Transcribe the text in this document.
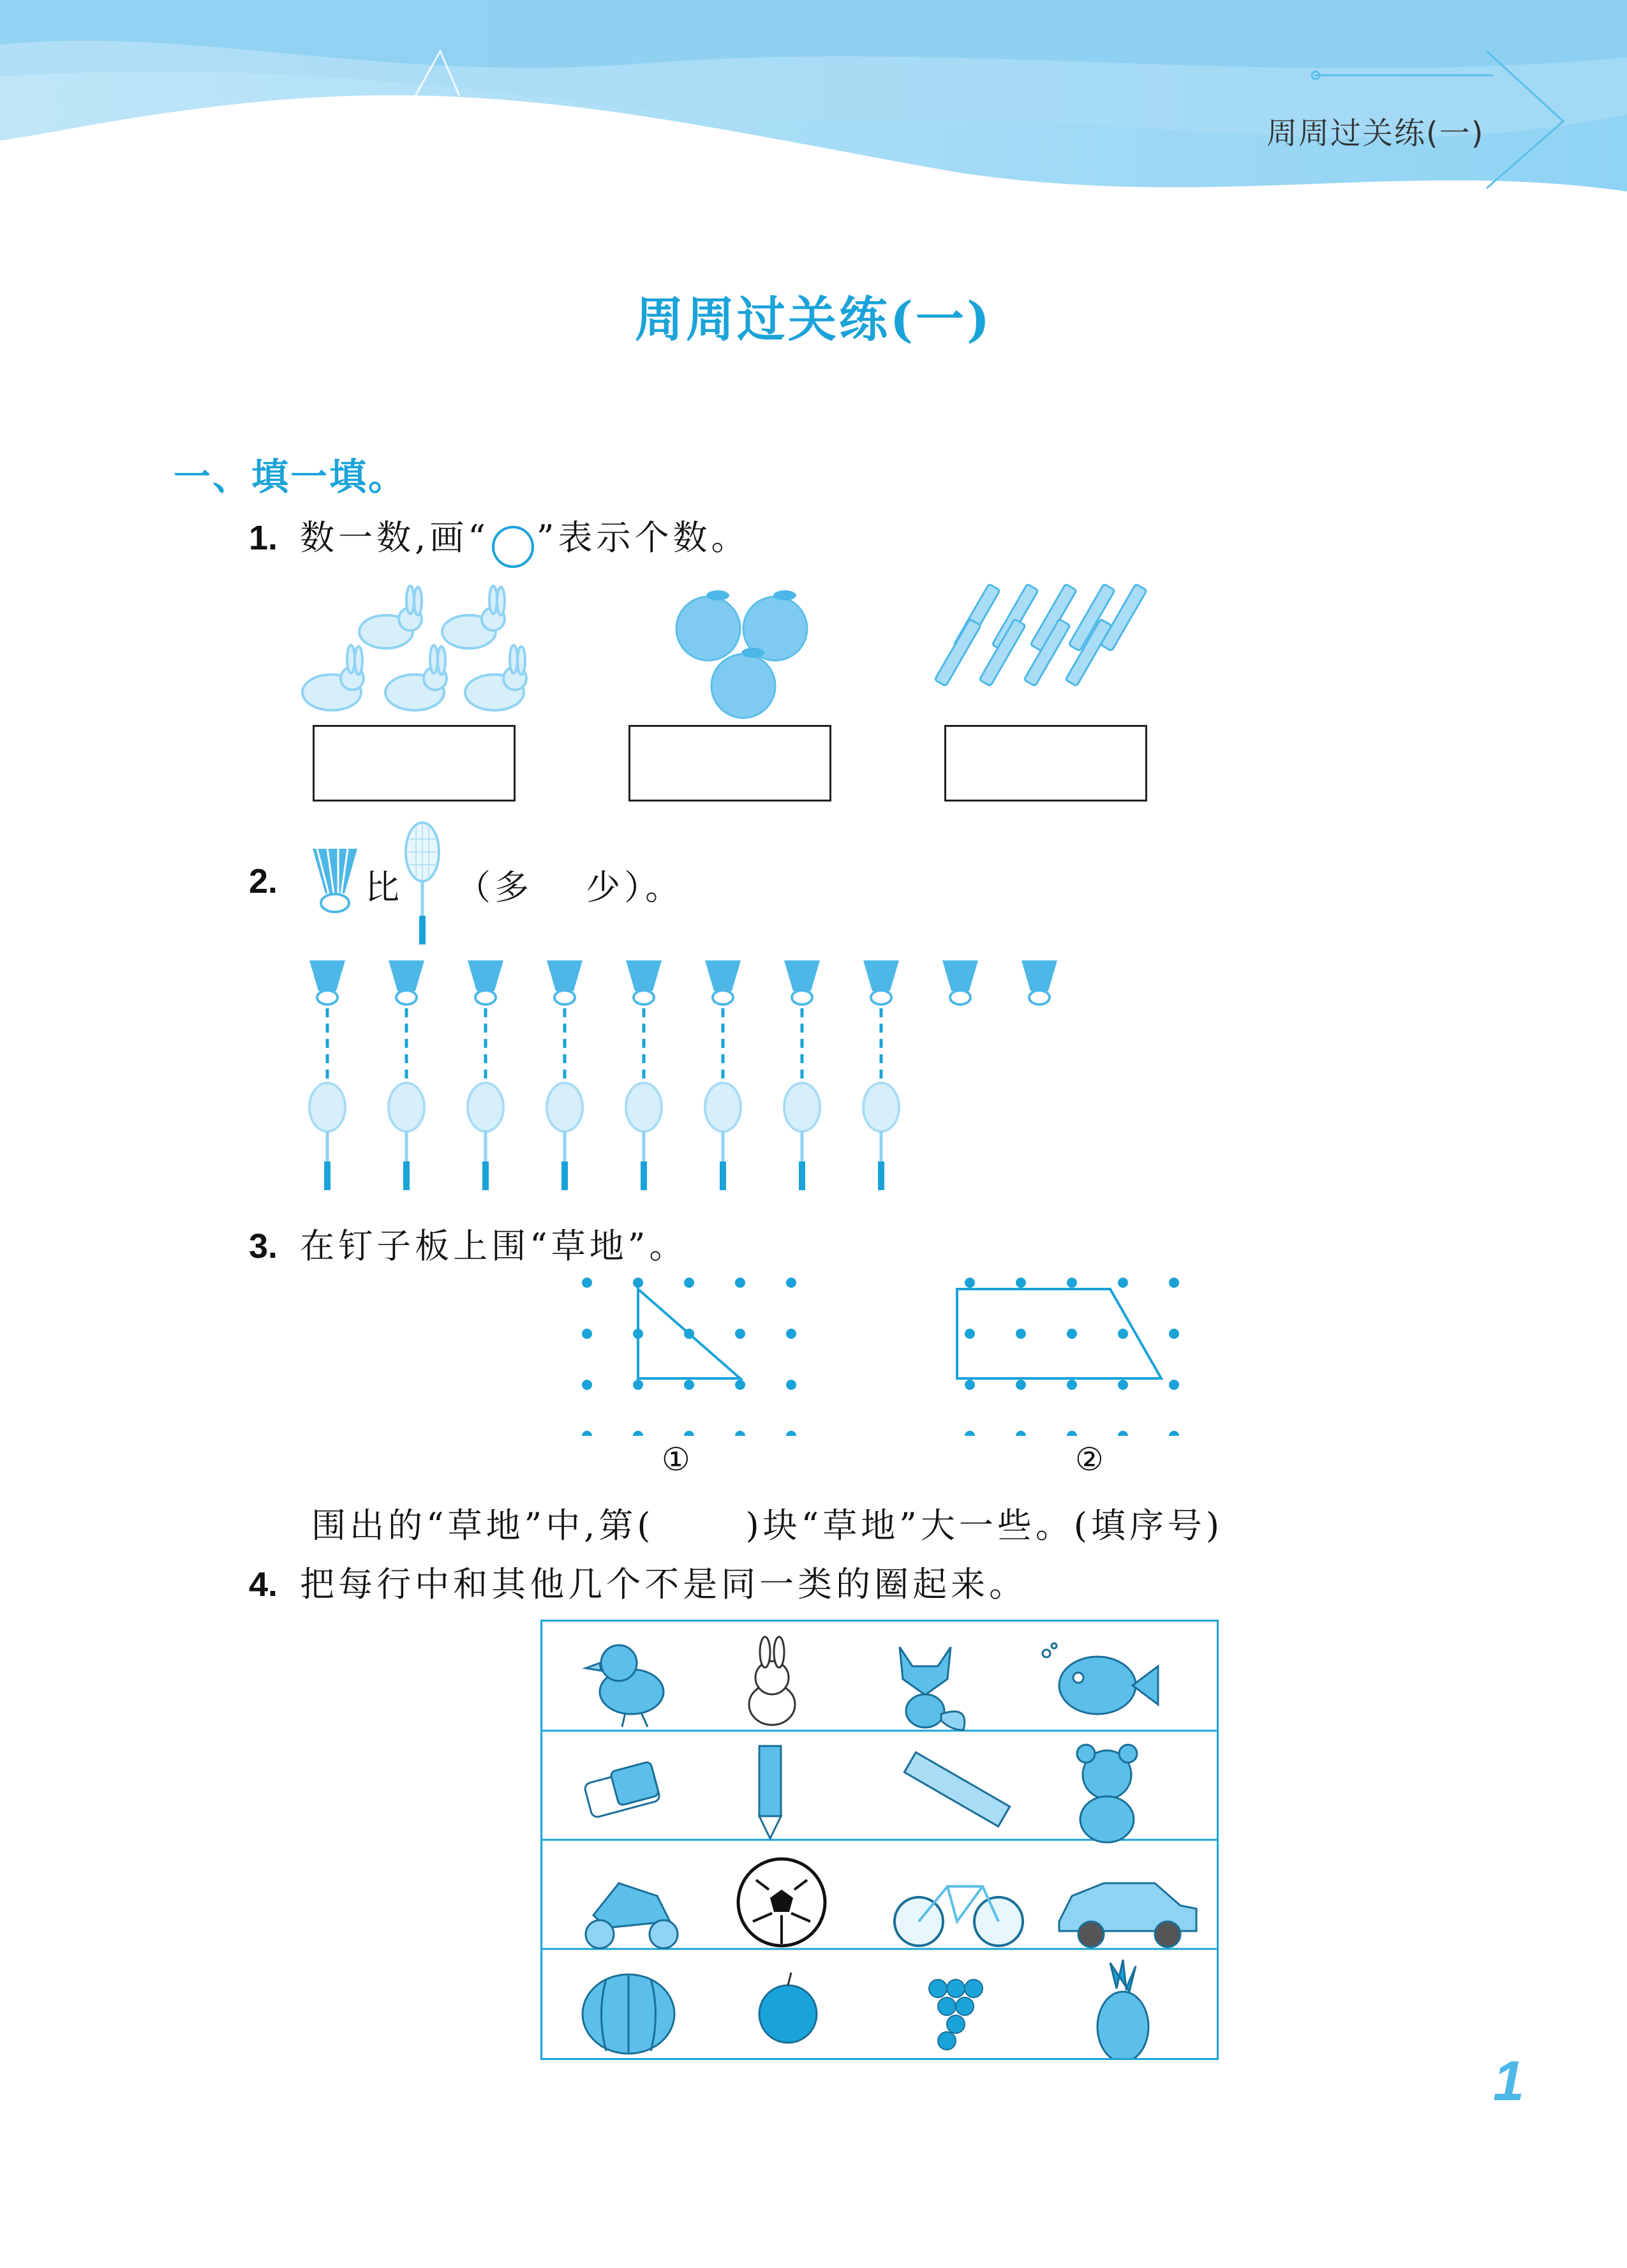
周周过关练(一)
周周过关练(一)
一、填一填。
1. 数一数,画“ ”表示个数。
2.	比 （多　 少）。
3. 在钉子板上围“草地”。
①	②
围出的“草地”中,第(　　 )块“草地”大一些。(填序号)
4. 把每行中和其他几个不是同一类的圈起来。
1
